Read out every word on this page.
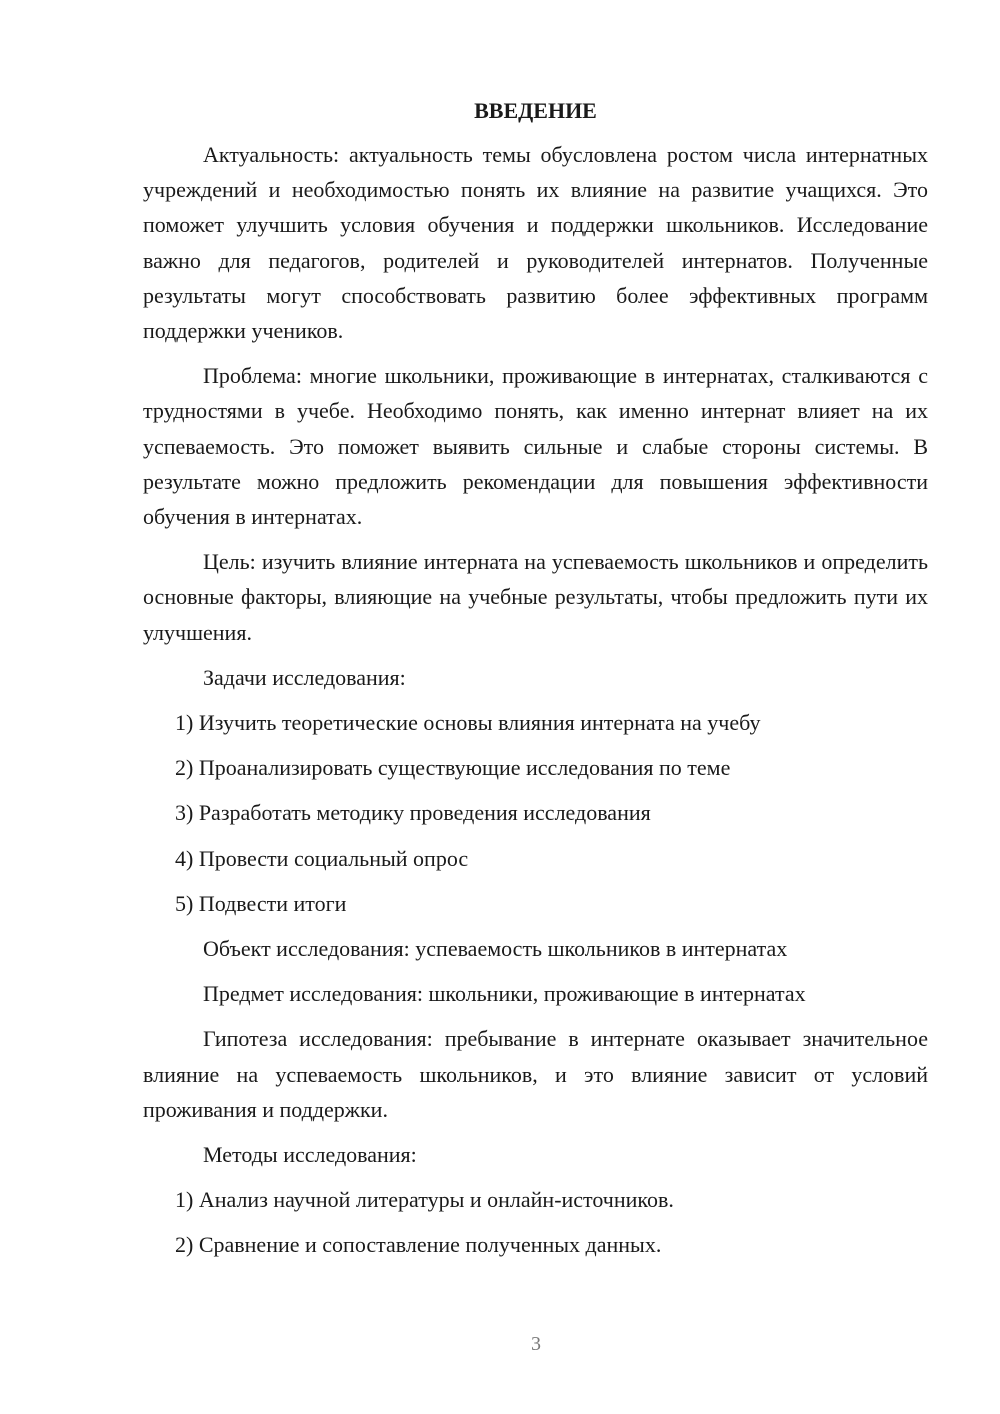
ВВЕДЕНИЕ
Актуальность: актуальность темы обусловлена ростом числа интернатных учреждений и необходимостью понять их влияние на развитие учащихся. Это поможет улучшить условия обучения и поддержки школьников. Исследование важно для педагогов, родителей и руководителей интернатов. Полученные результаты могут способствовать развитию более эффективных программ поддержки учеников.
Проблема: многие школьники, проживающие в интернатах, сталкиваются с трудностями в учебе. Необходимо понять, как именно интернат влияет на их успеваемость. Это поможет выявить сильные и слабые стороны системы. В результате можно предложить рекомендации для повышения эффективности обучения в интернатах.
Цель: изучить влияние интерната на успеваемость школьников и определить основные факторы, влияющие на учебные результаты, чтобы предложить пути их улучшения.
Задачи исследования:
1) Изучить теоретические основы влияния интерната на учебу
2) Проанализировать существующие исследования по теме
3) Разработать методику проведения исследования
4) Провести социальный опрос
5) Подвести итоги
Объект исследования: успеваемость школьников в интернатах
Предмет исследования: школьники, проживающие в интернатах
Гипотеза исследования: пребывание в интернате оказывает значительное влияние на успеваемость школьников, и это влияние зависит от условий проживания и поддержки.
Методы исследования:
1) Анализ научной литературы и онлайн-источников.
2) Сравнение и сопоставление полученных данных.
3
